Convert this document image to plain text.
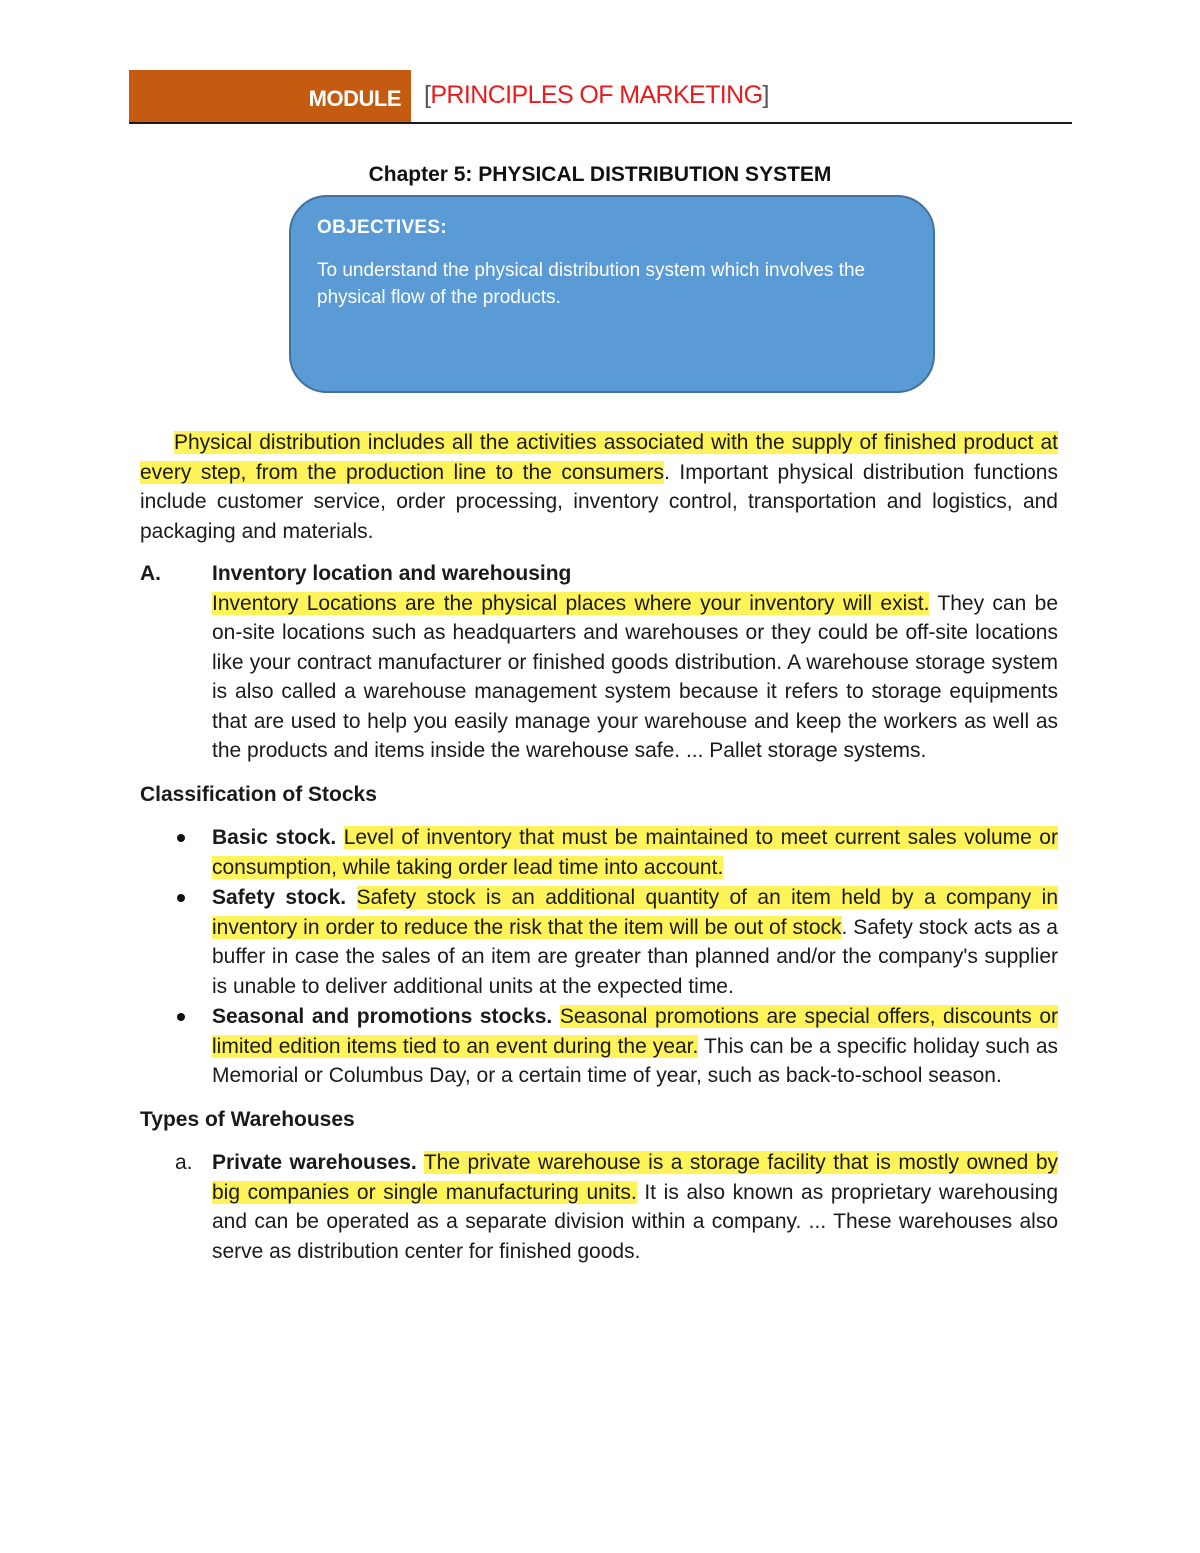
MODULE [PRINCIPLES OF MARKETING]
Chapter 5: PHYSICAL DISTRIBUTION SYSTEM
OBJECTIVES:
To understand the physical distribution system which involves the physical flow of the products.

Physical distribution includes all the activities associated with the supply of finished product at every step, from the production line to the consumers. Important physical distribution functions include customer service, order processing, inventory control, transportation and logistics, and packaging and materials.

A.	Inventory location and warehousing

Inventory Locations are the physical places where your inventory will exist. They can be on-site locations such as headquarters and warehouses or they could be off-site locations like your contract manufacturer or finished goods distribution. A warehouse storage system is also called a warehouse management system because it refers to storage equipments that are used to help you easily manage your warehouse and keep the workers as well as the products and items inside the warehouse safe. ... Pallet storage systems.

Classification of Stocks
Basic stock. Level of inventory that must be maintained to meet current sales volume or consumption, while taking order lead time into account.
Safety stock. Safety stock is an additional quantity of an item held by a company in inventory in order to reduce the risk that the item will be out of stock. Safety stock acts as a buffer in case the sales of an item are greater than planned and/or the company's supplier is unable to deliver additional units at the expected time.
Seasonal and promotions stocks. Seasonal promotions are special offers, discounts or limited edition items tied to an event during the year. This can be a specific holiday such as Memorial or Columbus Day, or a certain time of year, such as back-to-school season.
Types of Warehouses
a. Private warehouses. The private warehouse is a storage facility that is mostly owned by big companies or single manufacturing units. It is also known as proprietary warehousing and can be operated as a separate division within a company. ... These warehouses also serve as distribution center for finished goods.
